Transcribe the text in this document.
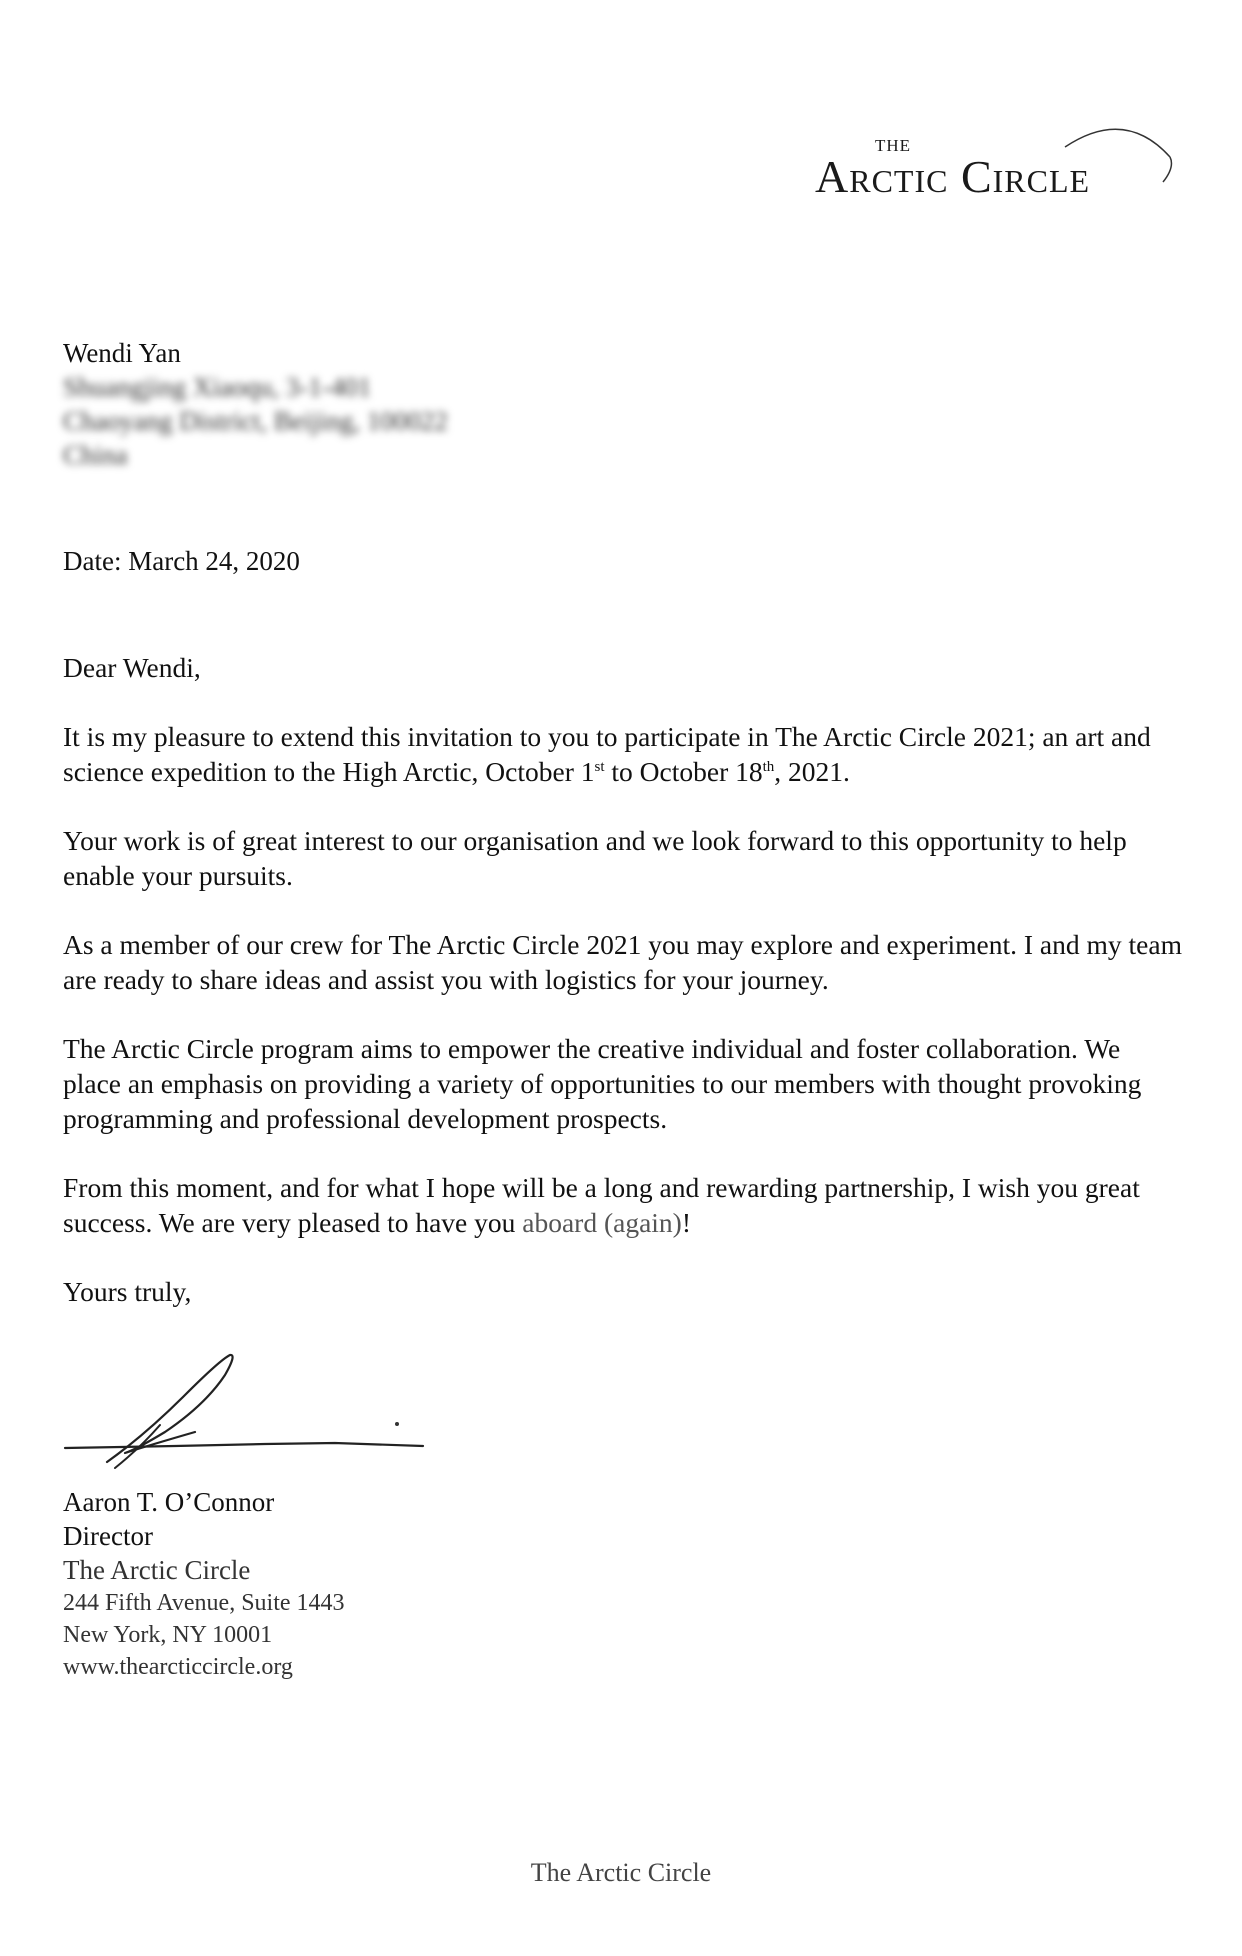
THE
Arctic Circle
Wendi Yan
Shuangjing Xiaoqu, 3-1-401
Chaoyang District, Beijing, 100022
China
Date: March 24, 2020

Dear Wendi,

It is my pleasure to extend this invitation to you to participate in The Arctic Circle 2021; an art and science expedition to the High Arctic, October 1st to October 18th, 2021.

Your work is of great interest to our organisation and we look forward to this opportunity to help enable your pursuits.

As a member of our crew for The Arctic Circle 2021 you may explore and experiment. I and my team are ready to share ideas and assist you with logistics for your journey.

The Arctic Circle program aims to empower the creative individual and foster collaboration. We place an emphasis on providing a variety of opportunities to our members with thought provoking programming and professional development prospects.

From this moment, and for what I hope will be a long and rewarding partnership, I wish you great success. We are very pleased to have you aboard (again)!

Yours truly,

Aaron T. O’Connor
Director
The Arctic Circle
244 Fifth Avenue, Suite 1443
New York, NY 10001
www.thearcticcircle.org
The Arctic Circle
